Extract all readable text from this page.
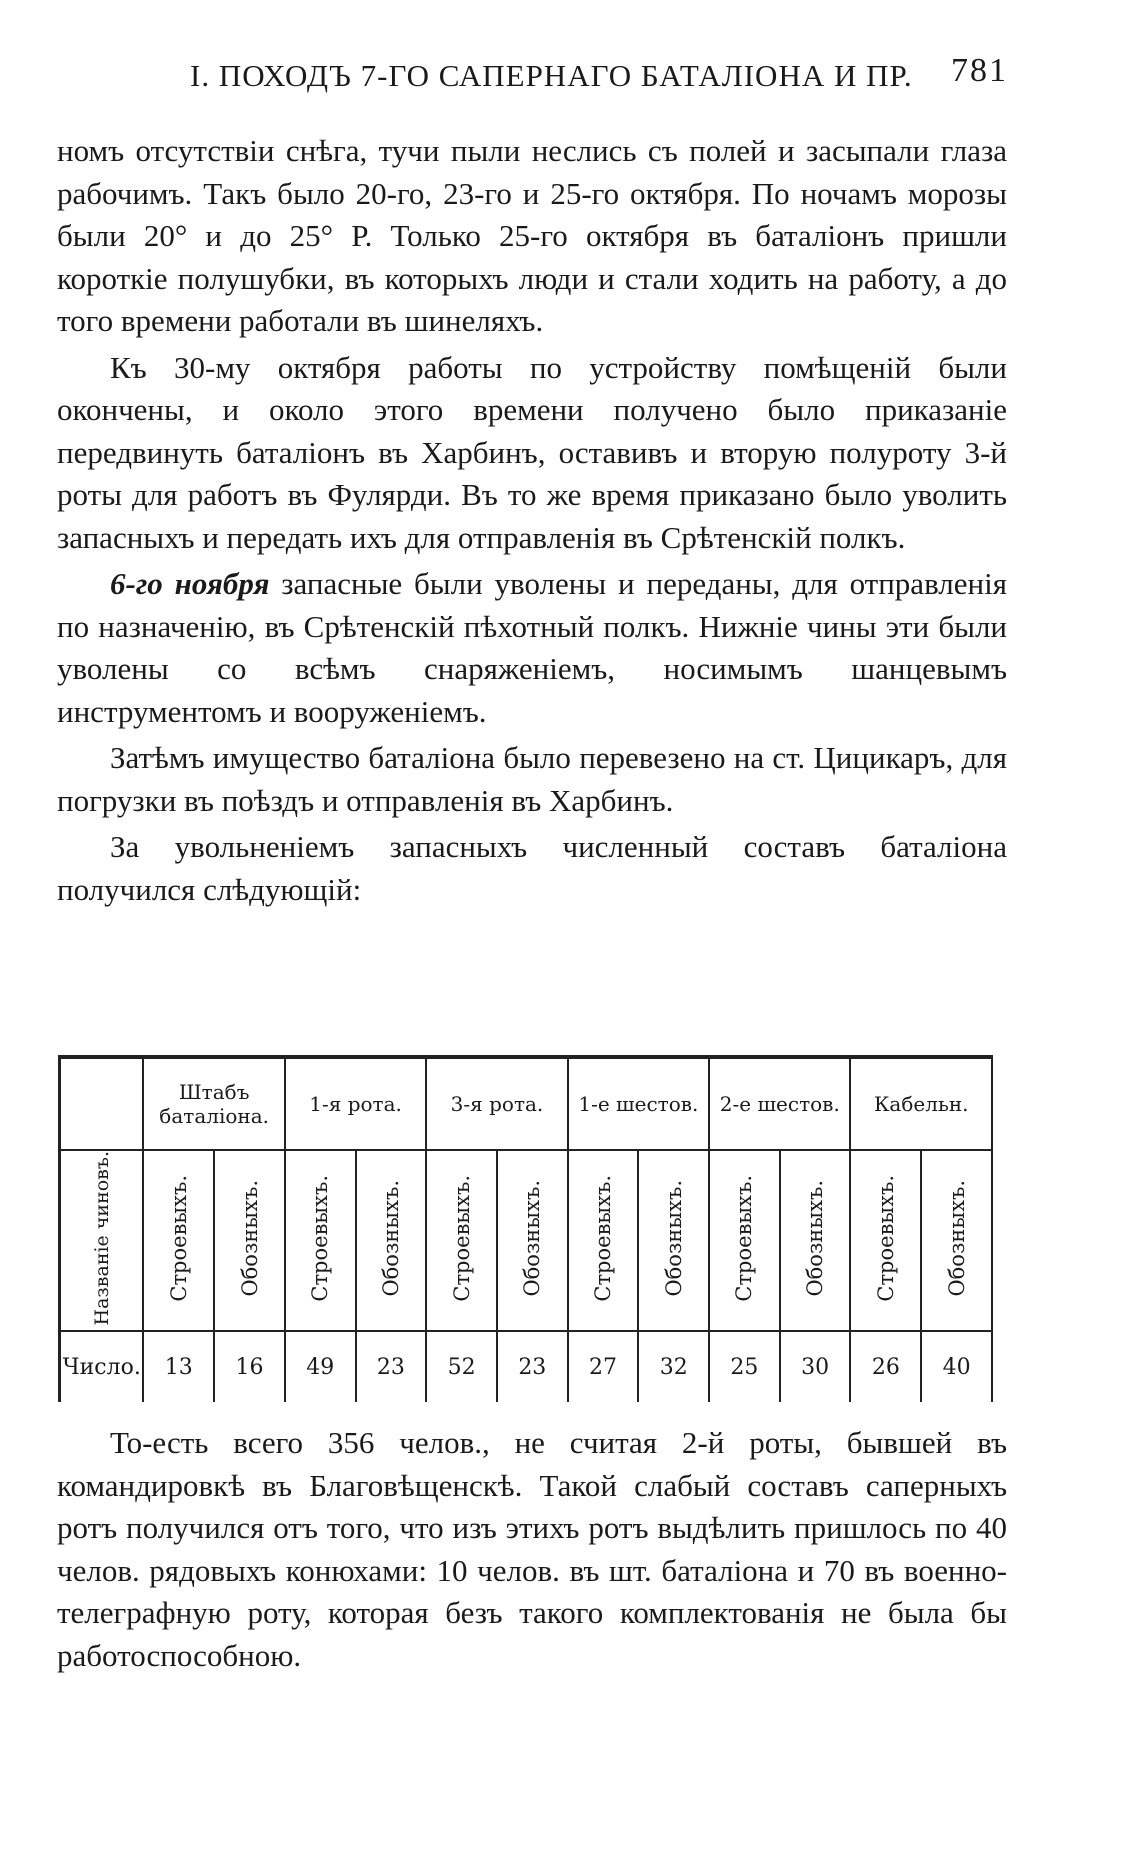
I. ПОХОДЪ 7-ГО САПЕРНАГО БАТАЛІОНА И ПР. 781

номъ отсутствіи снѣга, тучи пыли неслись съ полей и засыпали глаза рабочимъ. Такъ было 20-го, 23-го и 25-го октября. По ночамъ морозы были 20° и до 25° Р. Только 25-го октября въ баталіонъ пришли короткіе полушубки, въ которыхъ люди и стали ходить на работу, а до того времени работали въ шинеляхъ.

Къ 30-му октября работы по устройству помѣщеній были окончены, и около этого времени получено было приказаніе передвинуть баталіонъ въ Харбинъ, оставивъ и вторую полуроту 3-й роты для работъ въ Фулярди. Въ то же время приказано было уволить запасныхъ и передать ихъ для отправленія въ Срѣтенскій полкъ.

6-го ноября запасные были уволены и переданы, для отправленія по назначенію, въ Срѣтенскій пѣхотный полкъ. Нижніе чины эти были уволены со всѣмъ снаряженіемъ, носимымъ шанцевымъ инструментомъ и вооруженіемъ.

Затѣмъ имущество баталіона было перевезено на ст. Цицикаръ, для погрузки въ поѣздъ и отправленія въ Харбинъ.

За увольненіемъ запасныхъ численный составъ баталіона получился слѣдующій:

	Штабъ баталіона.		1-я рота.		3-я рота.		1-е шестов.		2-е шестов.		Кабельн.	
Названіе чиновъ.	Строевыхъ.	Обозныхъ.	Строевыхъ.	Обозныхъ.	Строевыхъ.	Обозныхъ.	Строевыхъ.	Обозныхъ.	Строевыхъ.	Обозныхъ.	Строевыхъ.	Обозныхъ.
Число.	13	16	49	23	52	23	27	32	25	30	26	40

То-есть всего 356 челов., не считая 2-й роты, бывшей въ командировкѣ въ Благовѣщенскѣ. Такой слабый составъ саперныхъ ротъ получился отъ того, что изъ этихъ ротъ выдѣлить пришлось по 40 челов. рядовыхъ конюхами: 10 челов. въ шт. баталіона и 70 въ военно-телеграфную роту, которая безъ такого комплектованія не была бы работоспособною.
